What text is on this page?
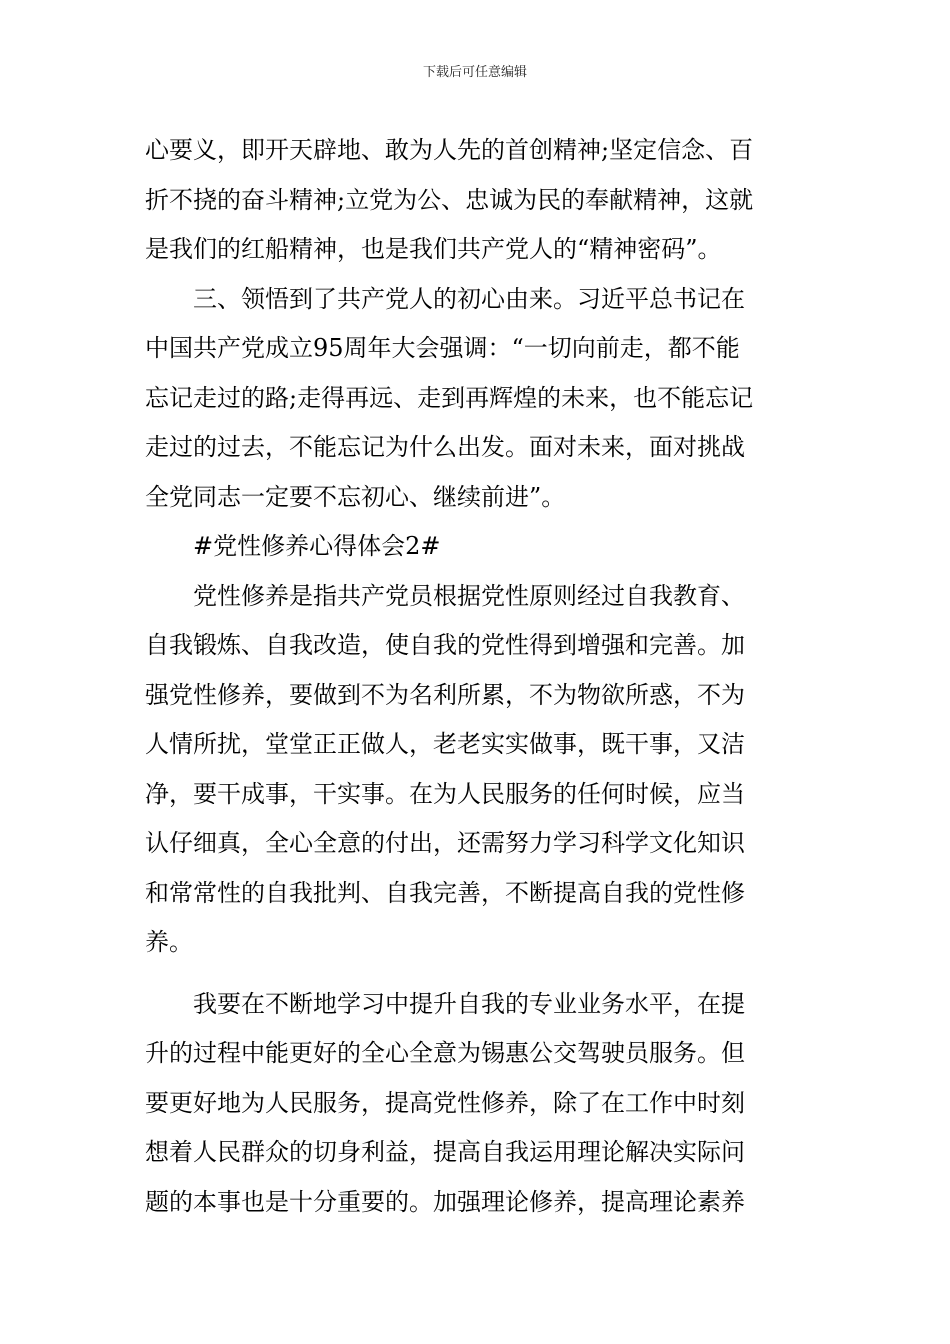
下载后可任意编辑
心要义，即开天辟地、敢为人先的首创精神;坚定信念、百
折不挠的奋斗精神;立党为公、忠诚为民的奉献精神，这就
是我们的红船精神，也是我们共产党人的“精神密码”。
三、领悟到了共产党人的初心由来。习近平总书记在
中国共产党成立95周年大会强调：“一切向前走，都不能
忘记走过的路;走得再远、走到再辉煌的未来，也不能忘记
走过的过去，不能忘记为什么出发。面对未来，面对挑战
全党同志一定要不忘初心、继续前进”。
#党性修养心得体会2#
党性修养是指共产党员根据党性原则经过自我教育、
自我锻炼、自我改造，使自我的党性得到增强和完善。加
强党性修养，要做到不为名利所累，不为物欲所惑，不为
人情所扰，堂堂正正做人，老老实实做事，既干事，又洁
净，要干成事，干实事。在为人民服务的任何时候，应当
认仔细真，全心全意的付出，还需努力学习科学文化知识
和常常性的自我批判、自我完善，不断提高自我的党性修
养。
我要在不断地学习中提升自我的专业业务水平，在提
升的过程中能更好的全心全意为锡惠公交驾驶员服务。但
要更好地为人民服务，提高党性修养，除了在工作中时刻
想着人民群众的切身利益，提高自我运用理论解决实际问
题的本事也是十分重要的。加强理论修养，提高理论素养
